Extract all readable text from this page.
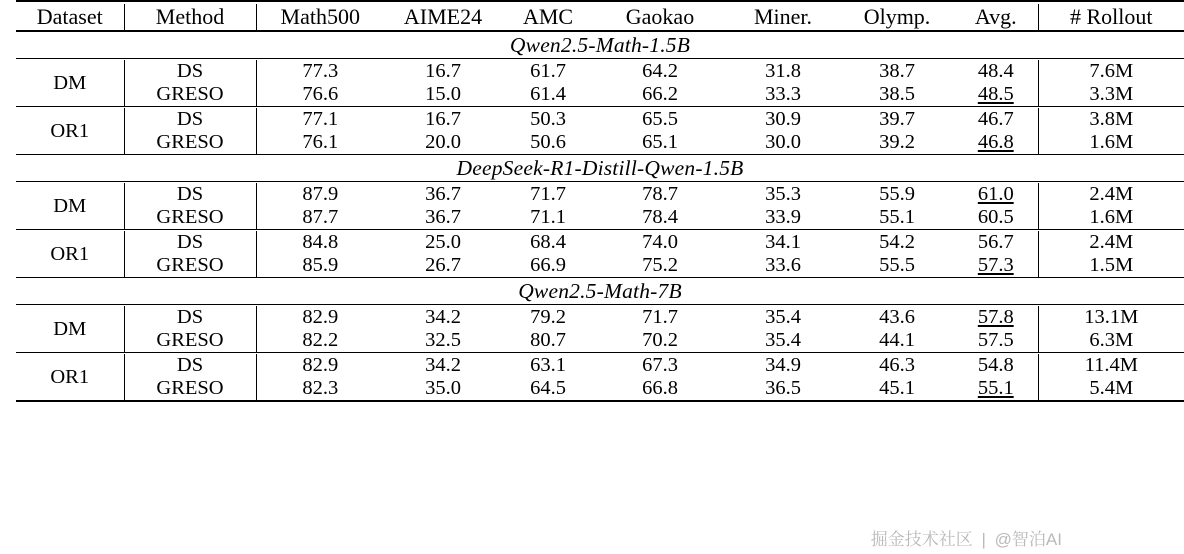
Dataset	Method	Math500	AIME24	AMC	Gaokao	Miner.	Olymp.	Avg.	# Rollout

Qwen2.5-Math-1.5B									

DM	DS	77.3	16.7	61.7	64.2	31.8	38.7	48.4	7.6M
	GRESO	76.6	15.0	61.4	66.2	33.3	38.5	48.5	3.3M

OR1	DS	77.1	16.7	50.3	65.5	30.9	39.7	46.7	3.8M
	GRESO	76.1	20.0	50.6	65.1	30.0	39.2	46.8	1.6M

DeepSeek-R1-Distill-Qwen-1.5B									

DM	DS	87.9	36.7	71.7	78.7	35.3	55.9	61.0	2.4M
	GRESO	87.7	36.7	71.1	78.4	33.9	55.1	60.5	1.6M

OR1	DS	84.8	25.0	68.4	74.0	34.1	54.2	56.7	2.4M
	GRESO	85.9	26.7	66.9	75.2	33.6	55.5	57.3	1.5M

Qwen2.5-Math-7B									

DM	DS	82.9	34.2	79.2	71.7	35.4	43.6	57.8	13.1M
	GRESO	82.2	32.5	80.7	70.2	35.4	44.1	57.5	6.3M

OR1	DS	82.9	34.2	63.1	67.3	34.9	46.3	54.8	11.4M
	GRESO	82.3	35.0	64.5	66.8	36.5	45.1	55.1	5.4M

掘金技术社区 | @智泊AI
